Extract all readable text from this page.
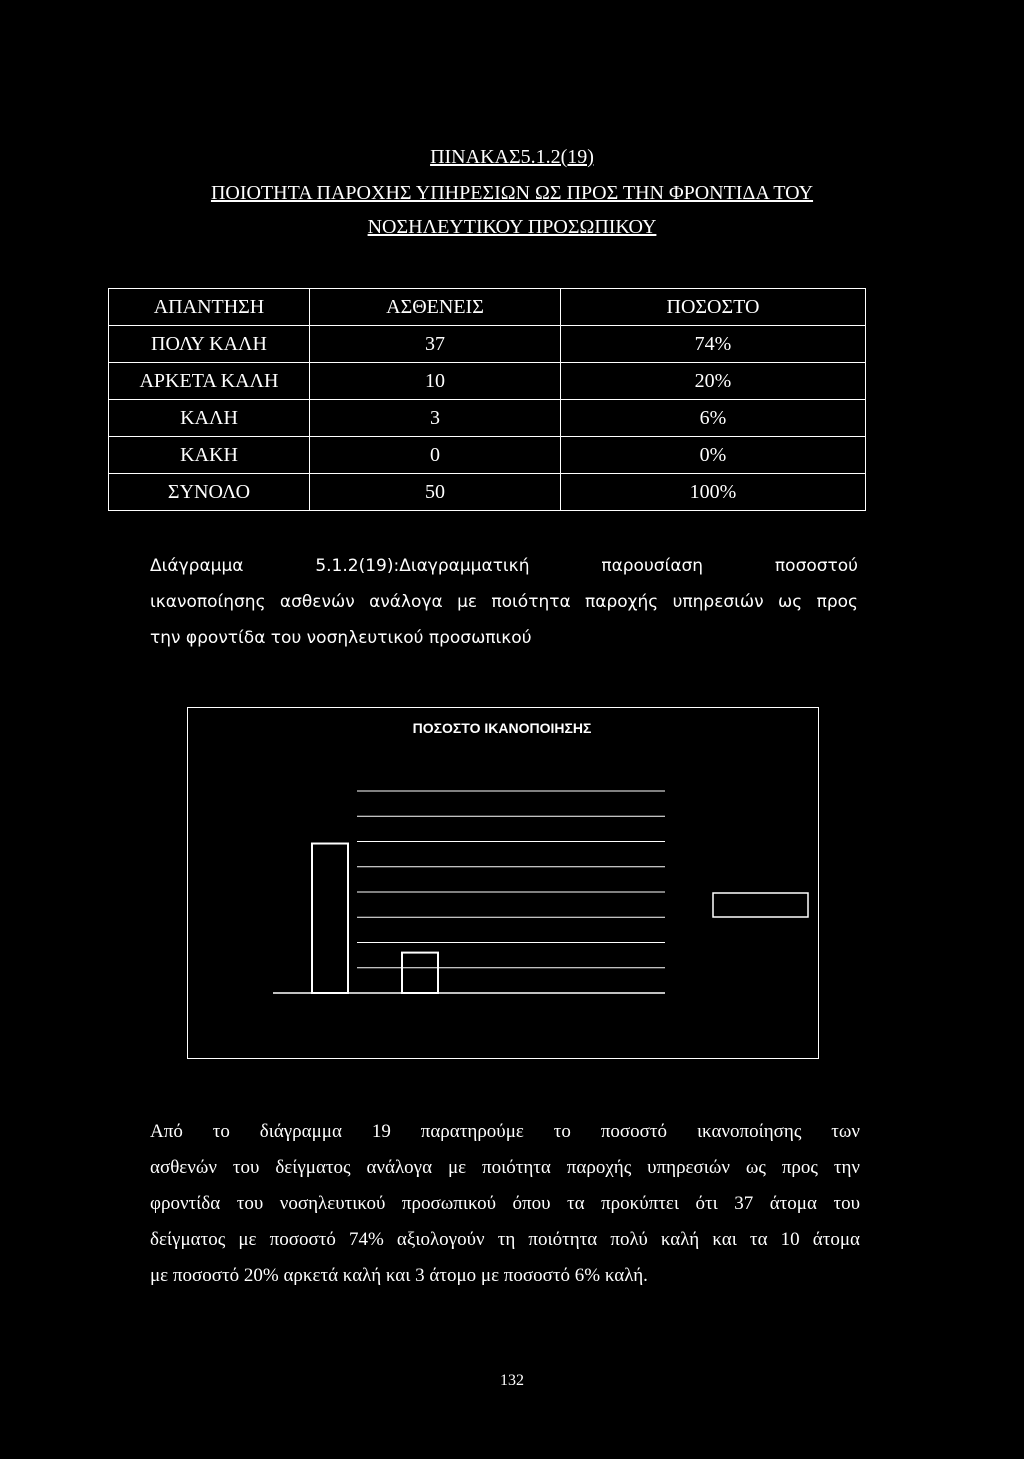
ΠΙΝΑΚΑΣ5.1.2(19)
ΠΟΙΟΤΗΤΑ ΠΑΡΟΧΗΣ ΥΠΗΡΕΣΙΩΝ ΩΣ ΠΡΟΣ ΤΗΝ ΦΡΟΝΤΙΔΑ ΤΟΥ
ΝΟΣΗΛΕΥΤΙΚΟΥ ΠΡΟΣΩΠΙΚΟΥ
ΑΠΑΝΤΗΣΗ	ΑΣΘΕΝΕΙΣ	ΠΟΣΟΣΤΟ
ΠΟΛΥ ΚΑΛΗ	37	74%
ΑΡΚΕΤΑ ΚΑΛΗ	10	20%
ΚΑΛΗ	3	6%
ΚΑΚΗ	0	0%
ΣΥΝΟΛΟ	50	100%
Διάγραμμα 5.1.2(19):Διαγραμματική παρουσίαση ποσοστού
ικανοποίησης ασθενών ανάλογα με ποιότητα παροχής υπηρεσιών ως προς
την φροντίδα του νοσηλευτικού προσωπικού
ΠΟΣΟΣΤΟ ΙΚΑΝΟΠΟΙΗΣΗΣ
Από το διάγραμμα 19 παρατηρούμε το ποσοστό ικανοποίησης των
ασθενών του δείγματος ανάλογα με ποιότητα παροχής υπηρεσιών ως προς την
φροντίδα του νοσηλευτικού προσωπικού όπου τα προκύπτει ότι 37 άτομα του
δείγματος με ποσοστό 74% αξιολογούν τη ποιότητα πολύ καλή και τα 10 άτομα
με ποσοστό 20% αρκετά καλή και 3 άτομο με ποσοστό 6% καλή.
132
